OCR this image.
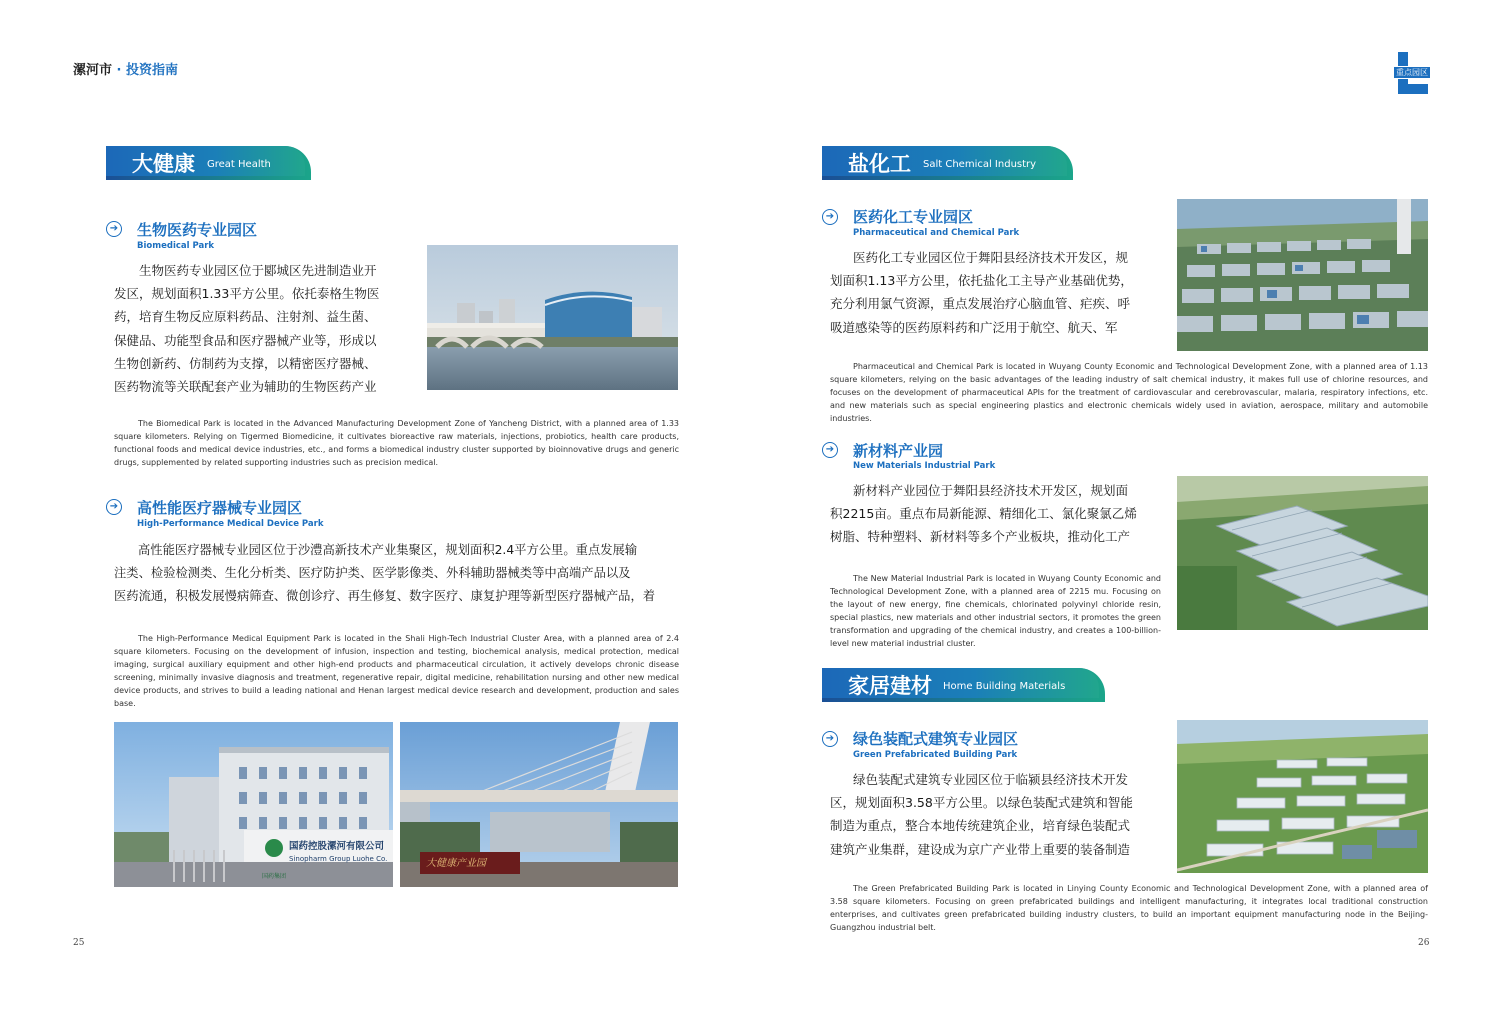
漯河市 · 投资指南	重点园区
大健康 Great Health
➔ 生物医药专业园区
Biomedical Park
生物医药专业园区位于郾城区先进制造业开
发区，规划面积1.33平方公里。依托泰格生物医
药，培育生物反应原料药品、注射剂、益生菌、
保健品、功能型食品和医疗器械产业等，形成以
生物创新药、仿制药为支撑，以精密医疗器械、
医药物流等关联配套产业为辅助的生物医药产业
The Biomedical Park is located in the Advanced Manufacturing Development Zone of Yancheng District, with a planned area of 1.33 square kilometers. Relying on Tigermed Biomedicine, it cultivates bioreactive raw materials, injections, probiotics, health care products, functional foods and medical device industries, etc., and forms a biomedical industry cluster supported by bioinnovative drugs and generic drugs, supplemented by related supporting industries such as precision medical.
➔ 高性能医疗器械专业园区
High-Performance Medical Device Park
高性能医疗器械专业园区位于沙澧高新技术产业集聚区，规划面积2.4平方公里。重点发展输
注类、检验检测类、生化分析类、医疗防护类、医学影像类、外科辅助器械类等中高端产品以及
医药流通，积极发展慢病筛查、微创诊疗、再生修复、数字医疗、康复护理等新型医疗器械产品，着
The High-Performance Medical Equipment Park is located in the Shali High-Tech Industrial Cluster Area, with a planned area of 2.4 square kilometers. Focusing on the development of infusion, inspection and testing, biochemical analysis, medical protection, medical imaging, surgical auxiliary equipment and other high-end products and pharmaceutical circulation, it actively develops chronic disease screening, minimally invasive diagnosis and treatment, regenerative repair, digital medicine, rehabilitation nursing and other new medical device products, and strives to build a leading national and Henan largest medical device research and development, production and sales base.
国药集团
国药控股漯河有限公司
Sinopharm Group Luohe Co.	大健康产业园
25
盐化工 Salt Chemical Industry
➔ 医药化工专业园区
Pharmaceutical and Chemical Park
医药化工专业园区位于舞阳县经济技术开发区，规
划面积1.13平方公里，依托盐化工主导产业基础优势，
充分利用氯气资源，重点发展治疗心脑血管、疟疾、呼
吸道感染等的医药原料药和广泛用于航空、航天、军
Pharmaceutical and Chemical Park is located in Wuyang County Economic and Technological Development Zone, with a planned area of 1.13 square kilometers, relying on the basic advantages of the leading industry of salt chemical industry, it makes full use of chlorine resources, and focuses on the development of pharmaceutical APIs for the treatment of cardiovascular and cerebrovascular, malaria, respiratory infections, etc. and new materials such as special engineering plastics and electronic chemicals widely used in aviation, aerospace, military and automobile industries.
➔ 新材料产业园
New Materials Industrial Park
新材料产业园位于舞阳县经济技术开发区，规划面
积2215亩。重点布局新能源、精细化工、氯化聚氯乙烯
树脂、特种塑料、新材料等多个产业板块，推动化工产
The New Material Industrial Park is located in Wuyang County Economic and Technological Development Zone, with a planned area of 2215 mu. Focusing on the layout of new energy, fine chemicals, chlorinated polyvinyl chloride resin, special plastics, new materials and other industrial sectors, it promotes the green transformation and upgrading of the chemical industry, and creates a 100-billion-level new material industrial cluster.
家居建材 Home Building Materials
➔ 绿色装配式建筑专业园区
Green Prefabricated Building Park
绿色装配式建筑专业园区位于临颍县经济技术开发
区，规划面积3.58平方公里。以绿色装配式建筑和智能
制造为重点，整合本地传统建筑企业，培育绿色装配式
建筑产业集群，建设成为京广产业带上重要的装备制造
The Green Prefabricated Building Park is located in Linying County Economic and Technological Development Zone, with a planned area of 3.58 square kilometers. Focusing on green prefabricated buildings and intelligent manufacturing, it integrates local traditional construction enterprises, and cultivates green prefabricated building industry clusters, to build an important equipment manufacturing node in the Beijing-Guangzhou industrial belt.
26
